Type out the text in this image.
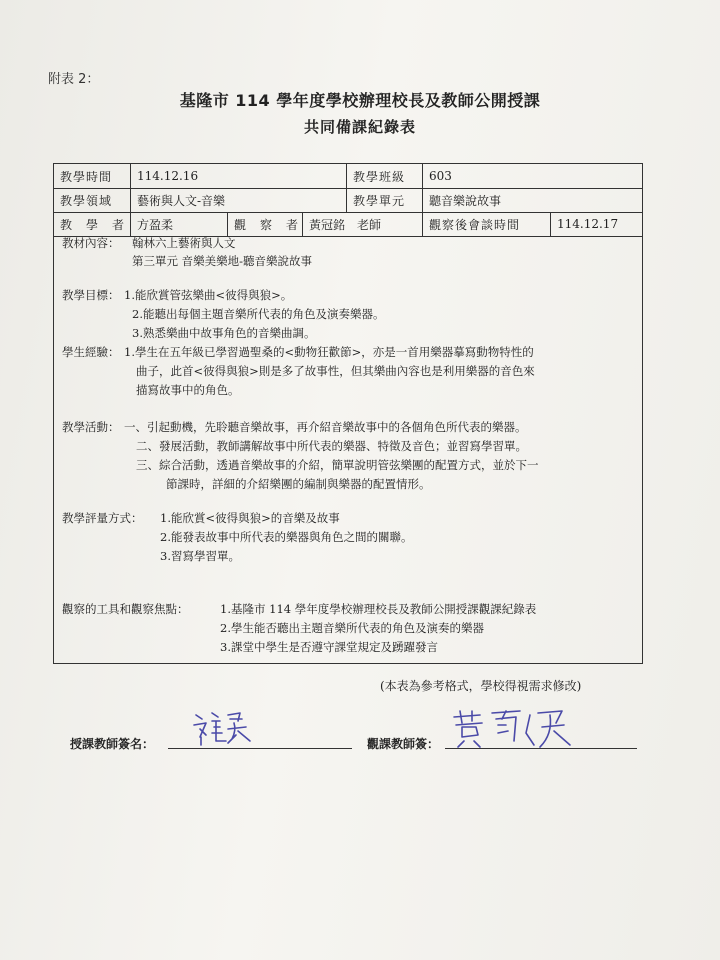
附表 2：
基隆市 114 學年度學校辦理校長及教師公開授課
共同備課紀錄表
教學時間	114.12.16	教學班級	603
教學領域	藝術與人文-音樂	教學單元	聽音樂說故事
教　學　者 方盈柔	觀　察　者 黃冠銘　老師	觀察後會談時間	114.12.17
教材內容： 翰林六上藝術與人文
第三單元 音樂美樂地-聽音樂說故事
教學目標： 1.能欣賞管弦樂曲<彼得與狼>。
2.能聽出每個主題音樂所代表的角色及演奏樂器。
3.熟悉樂曲中故事角色的音樂曲調。
學生經驗： 1.學生在五年級已學習過聖桑的<動物狂歡節>，亦是一首用樂器摹寫動物特性的
曲子，此首<彼得與狼>則是多了故事性，但其樂曲內容也是利用樂器的音色來
描寫故事中的角色。
教學活動： 一、引起動機，先聆聽音樂故事，再介紹音樂故事中的各個角色所代表的樂器。
二、發展活動，教師講解故事中所代表的樂器、特徵及音色；並習寫學習單。
三、綜合活動，透過音樂故事的介紹，簡單說明管弦樂團的配置方式，並於下一
節課時，詳細的介紹樂團的編制與樂器的配置情形。
教學評量方式： 1.能欣賞<彼得與狼>的音樂及故事
2.能發表故事中所代表的樂器與角色之間的關聯。
3.習寫學習單。
觀察的工具和觀察焦點：	1.基隆市 114 學年度學校辦理校長及教師公開授課觀課紀錄表
2.學生能否聽出主題音樂所代表的角色及演奏的樂器
3.課堂中學生是否遵守課堂規定及踴躍發言
(本表為參考格式，學校得視需求修改)
授課教師簽名：	觀課教師簽：
